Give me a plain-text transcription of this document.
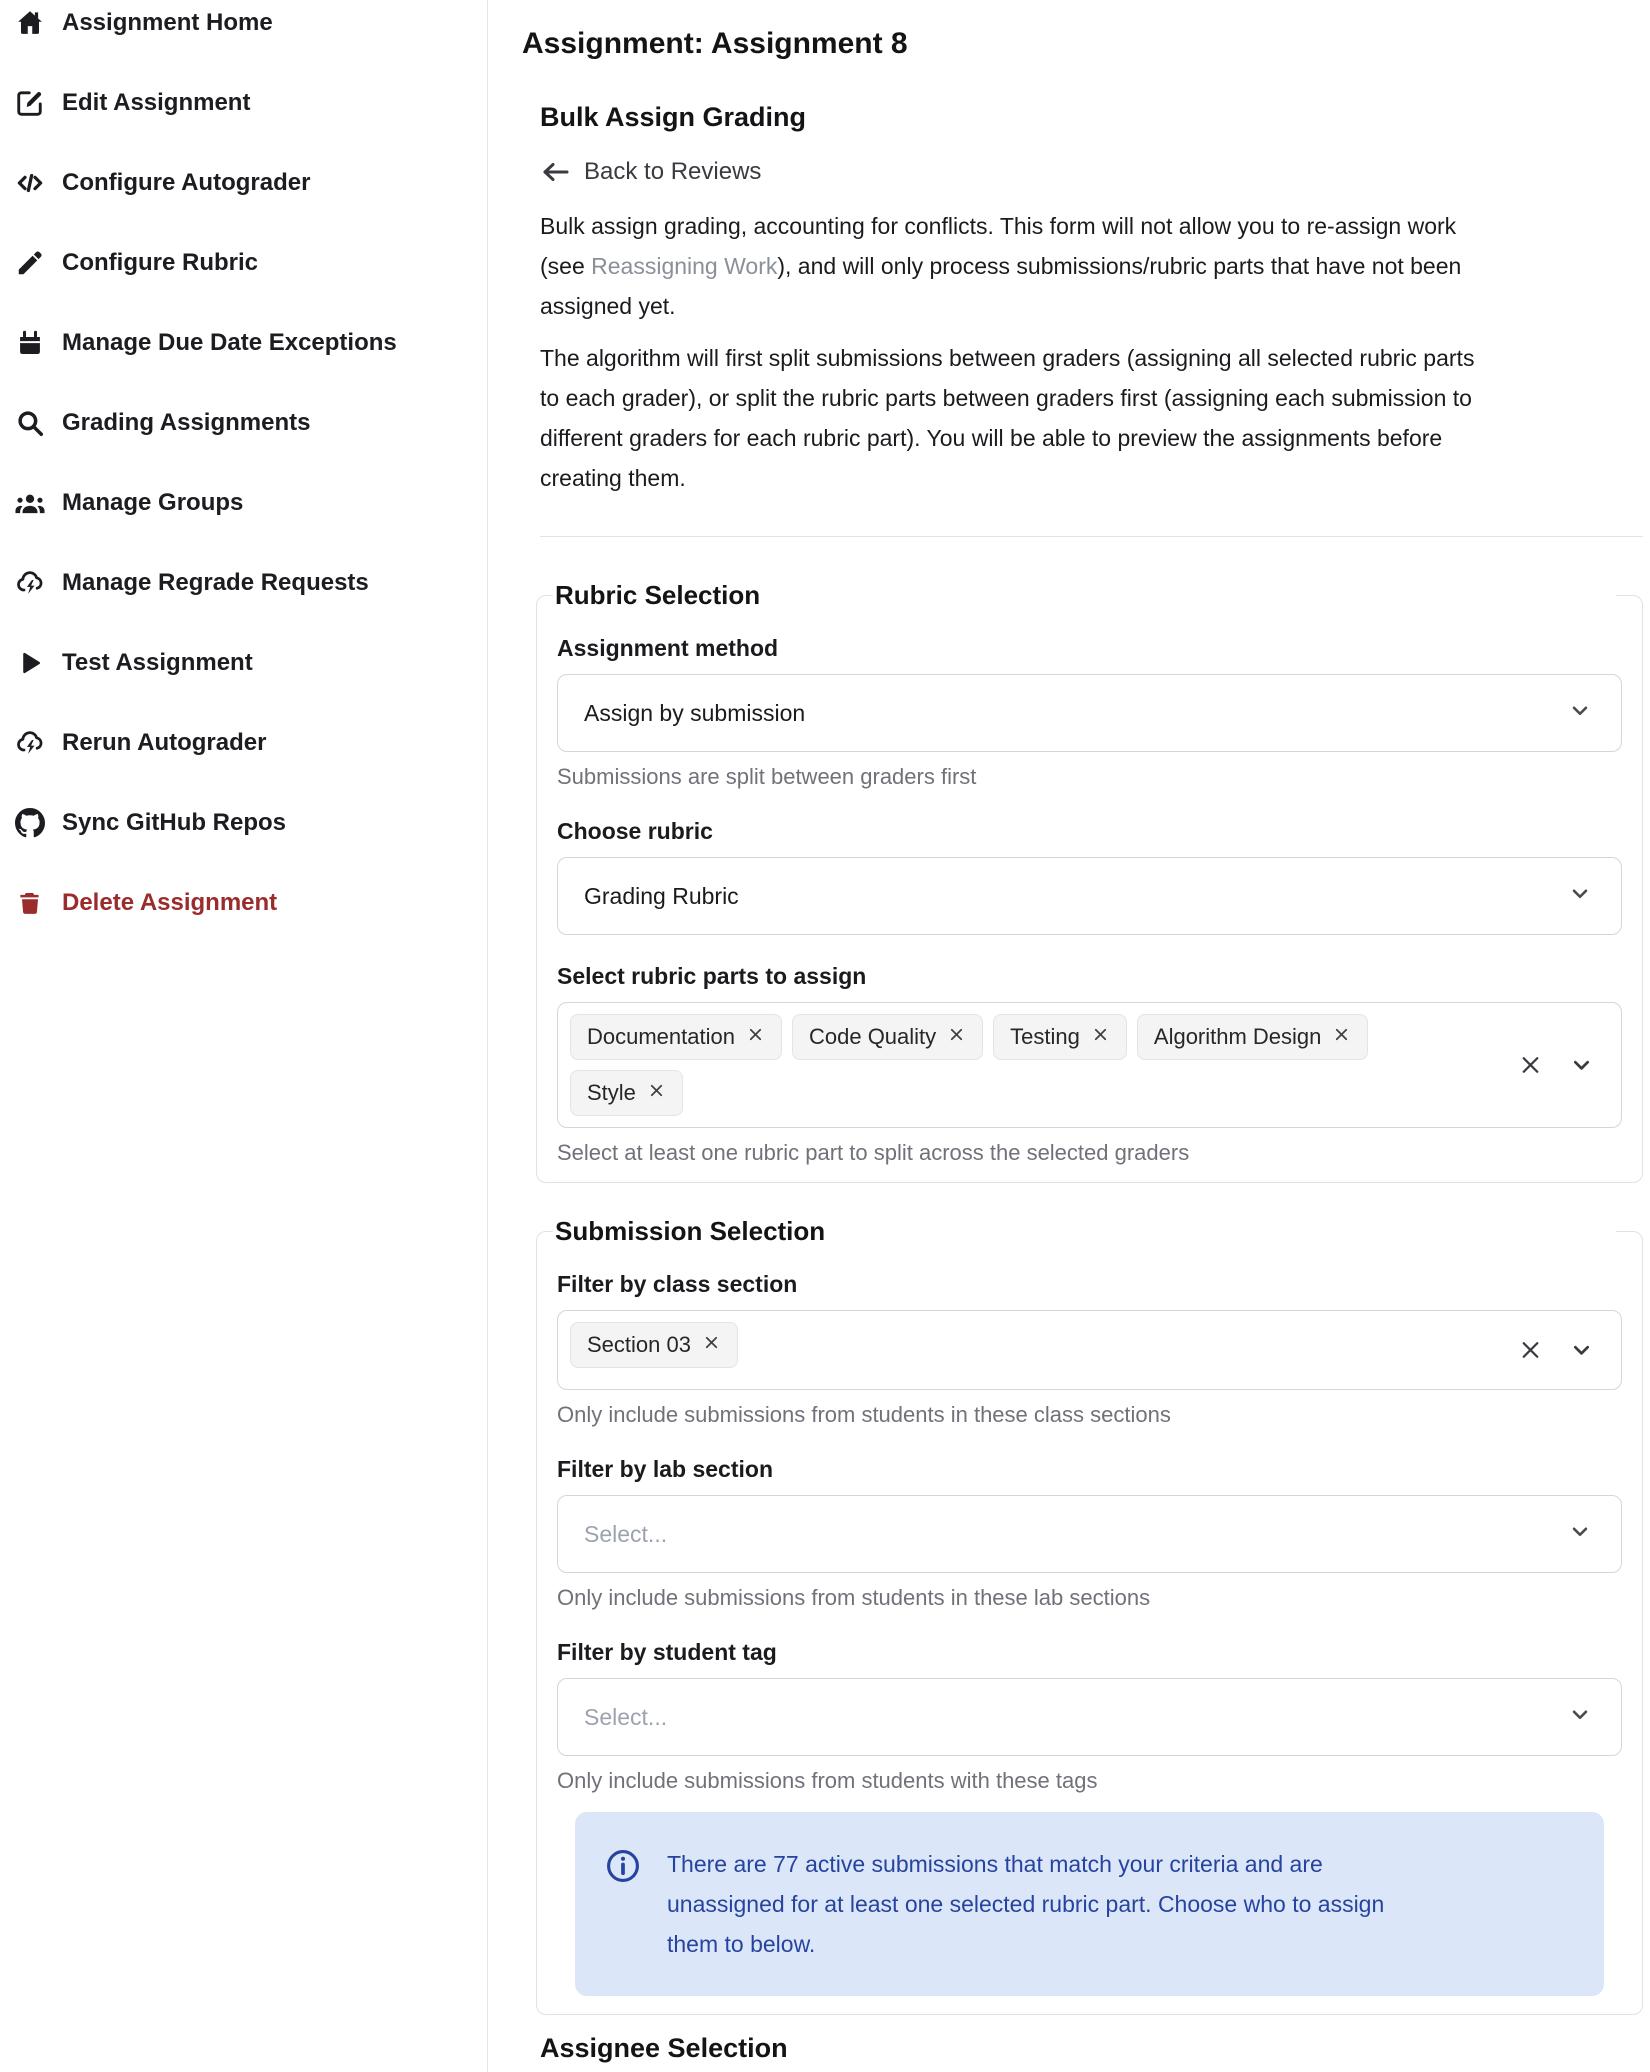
Assignment Home
Edit Assignment
Configure Autograder
Configure Rubric
Manage Due Date Exceptions
Grading Assignments
Manage Groups
Manage Regrade Requests
Test Assignment
Rerun Autograder
Sync GitHub Repos
Delete Assignment
Assignment: Assignment 8
Bulk Assign Grading
Back to Reviews

Bulk assign grading, accounting for conflicts. This form will not allow you to re-assign work (see Reassigning Work), and will only process submissions/rubric parts that have not been assigned yet.

The algorithm will first split submissions between graders (assigning all selected rubric parts to each grader), or split the rubric parts between graders first (assigning each submission to different graders for each rubric part). You will be able to preview the assignments before creating them.

Rubric Selection
Assignment method
Assign by submission
Submissions are split between graders first
Choose rubric
Grading Rubric
Select rubric parts to assign
Documentation	Code Quality	Testing	Algorithm Design
Style
Select at least one rubric part to split across the selected graders
Submission Selection
Filter by class section
Section 03
Only include submissions from students in these class sections
Filter by lab section
Select...
Only include submissions from students in these lab sections
Filter by student tag
Select...
Only include submissions from students with these tags
There are 77 active submissions that match your criteria and are unassigned for at least one selected rubric part. Choose who to assign them to below.
Assignee Selection
